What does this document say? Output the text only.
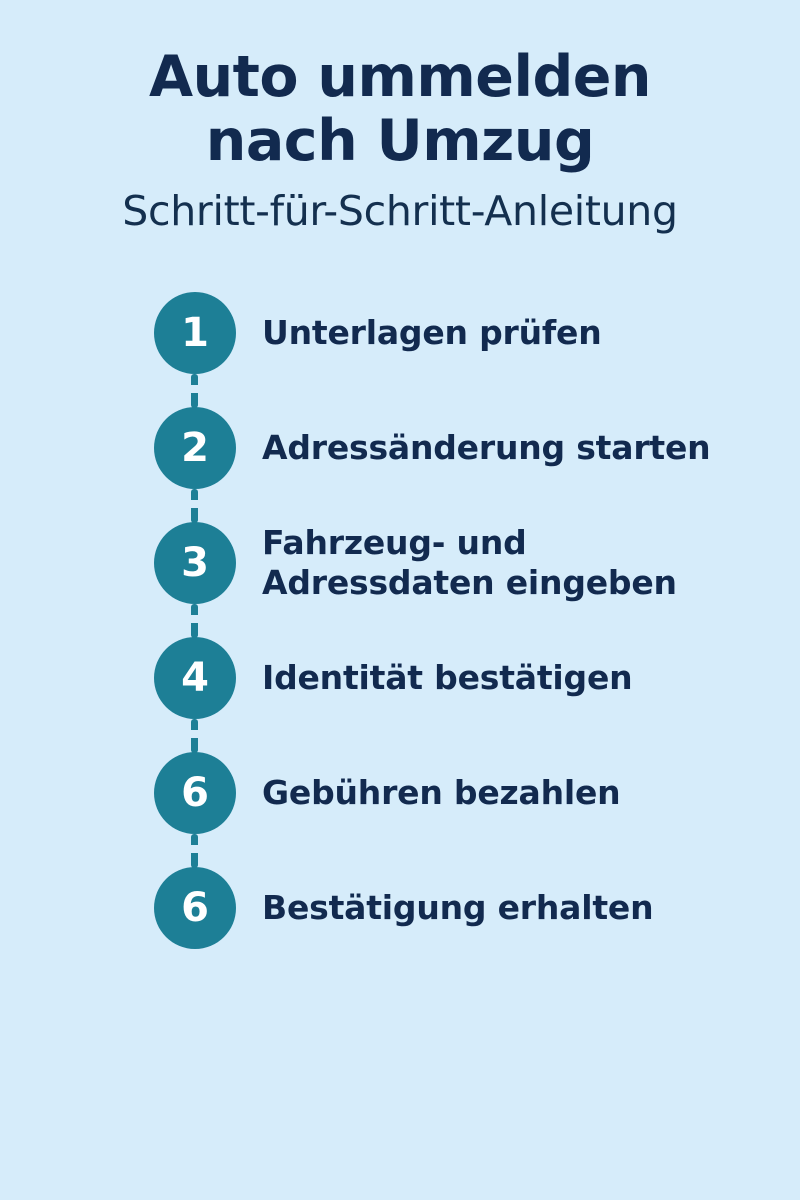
Auto ummelden nach Umzug
Schritt-für-Schritt-Anleitung
1	Unterlagen prüfen
2	Adressänderung starten
3	Fahrzeug- und Adressdaten eingeben
4	Identität bestätigen
6	Gebühren bezahlen
6	Bestätigung erhalten
